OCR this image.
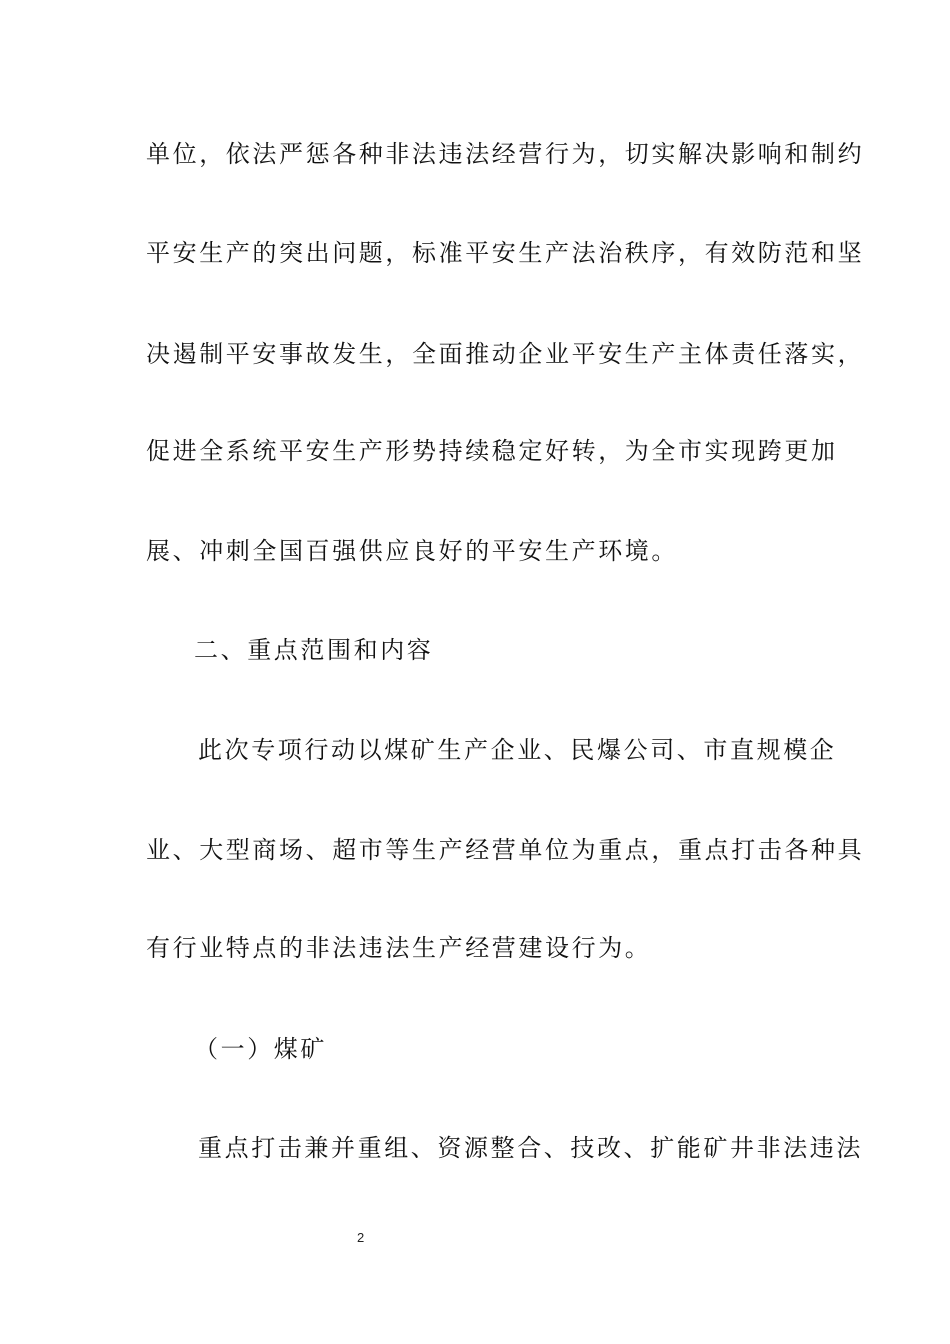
单位，依法严惩各种非法违法经营行为，切实解决影响和制约
平安生产的突出问题，标准平安生产法治秩序，有效防范和坚
决遏制平安事故发生，全面推动企业平安生产主体责任落实，
促进全系统平安生产形势持续稳定好转，为全市实现跨更加
展、冲刺全国百强供应良好的平安生产环境。
二、重点范围和内容
此次专项行动以煤矿生产企业、民爆公司、市直规模企
业、大型商场、超市等生产经营单位为重点，重点打击各种具
有行业特点的非法违法生产经营建设行为。
（一）煤矿
重点打击兼并重组、资源整合、技改、扩能矿井非法违法
2
